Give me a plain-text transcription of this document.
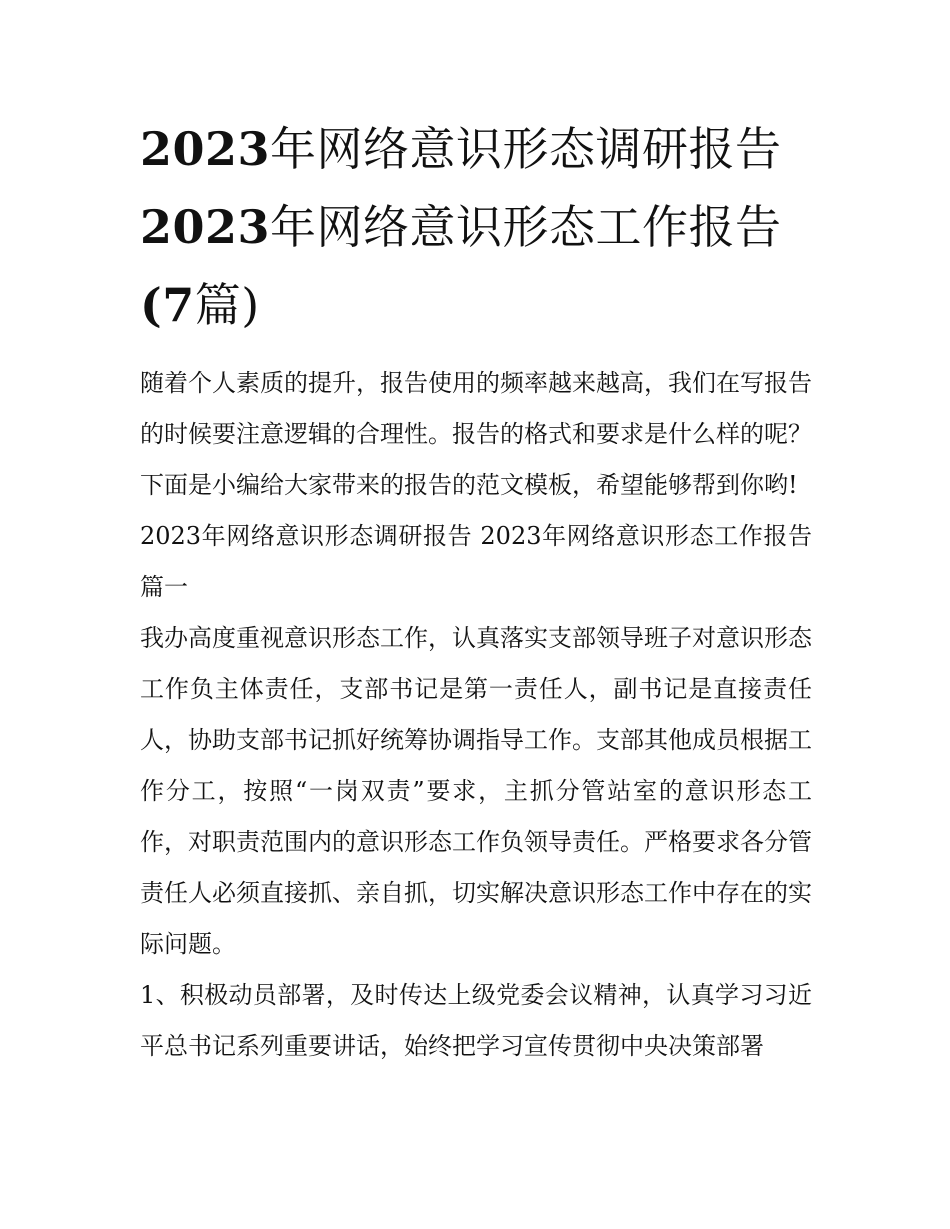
2023年网络意识形态调研报告
2023年网络意识形态工作报告
(7篇)

随着个人素质的提升，报告使用的频率越来越高，我们在写报告的时候要注意逻辑的合理性。报告的格式和要求是什么样的呢？下面是小编给大家带来的报告的范文模板，希望能够帮到你哟!

2023年网络意识形态调研报告 2023年网络意识形态工作报告篇一

我办高度重视意识形态工作，认真落实支部领导班子对意识形态工作负主体责任，支部书记是第一责任人，副书记是直接责任人，协助支部书记抓好统筹协调指导工作。支部其他成员根据工作分工，按照“一岗双责”要求，主抓分管站室的意识形态工作，对职责范围内的意识形态工作负领导责任。严格要求各分管责任人必须直接抓、亲自抓，切实解决意识形态工作中存在的实际问题。

1、积极动员部署，及时传达上级党委会议精神，认真学习习近平总书记系列重要讲话，始终把学习宣传贯彻中央决策部署
